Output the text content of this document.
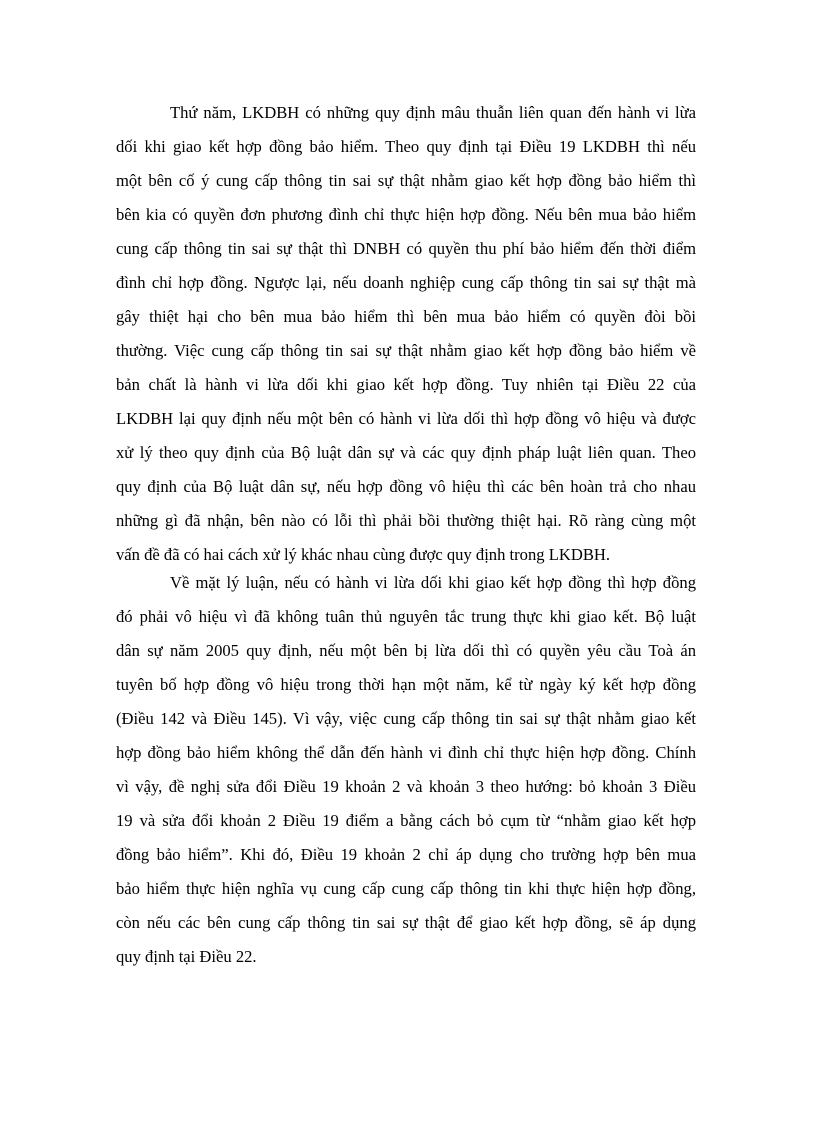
Thứ năm, LKDBH có những quy định mâu thuẫn liên quan đến hành vi lừa
dối khi giao kết hợp đồng bảo hiểm. Theo quy định tại Điều 19 LKDBH thì nếu
một bên cố ý cung cấp thông tin sai sự thật nhằm giao kết hợp đồng bảo hiểm thì
bên kia có quyền đơn phương đình chỉ thực hiện hợp đồng. Nếu bên mua bảo hiểm
cung cấp thông tin sai sự thật thì DNBH có quyền thu phí bảo hiểm đến thời điểm
đình chỉ hợp đồng. Ngược lại, nếu doanh nghiệp cung cấp thông tin sai sự thật mà
gây thiệt hại cho bên mua bảo hiểm thì bên mua bảo hiểm có quyền đòi bồi
thường. Việc cung cấp thông tin sai sự thật nhằm giao kết hợp đồng bảo hiểm về
bản chất là hành vi lừa dối khi giao kết hợp đồng. Tuy nhiên tại Điều 22 của
LKDBH lại quy định nếu một bên có hành vi lừa dối thì hợp đồng vô hiệu và được
xử lý theo quy định của Bộ luật dân sự và các quy định pháp luật liên quan. Theo
quy định của Bộ luật dân sự, nếu hợp đồng vô hiệu thì các bên hoàn trả cho nhau
những gì đã nhận, bên nào có lỗi thì phải bồi thường thiệt hại. Rõ ràng cùng một
vấn đề đã có hai cách xử lý khác nhau cùng được quy định trong LKDBH.
Về mặt lý luận, nếu có hành vi lừa dối khi giao kết hợp đồng thì hợp đồng
đó phải vô hiệu vì đã không tuân thủ nguyên tắc trung thực khi giao kết. Bộ luật
dân sự năm 2005 quy định, nếu một bên bị lừa dối thì có quyền yêu cầu Toà án
tuyên bố hợp đồng vô hiệu trong thời hạn một năm, kể từ ngày ký kết hợp đồng
(Điều 142 và Điều 145). Vì vậy, việc cung cấp thông tin sai sự thật nhằm giao kết
hợp đồng bảo hiểm không thể dẫn đến hành vi đình chỉ thực hiện hợp đồng. Chính
vì vậy, đề nghị sửa đổi Điều 19 khoản 2 và khoản 3 theo hướng: bỏ khoản 3 Điều
19 và sửa đổi khoản 2 Điều 19 điểm a bằng cách bỏ cụm từ “nhằm giao kết hợp
đồng bảo hiểm”. Khi đó, Điều 19 khoản 2 chỉ áp dụng cho trường hợp bên mua
bảo hiểm thực hiện nghĩa vụ cung cấp cung cấp thông tin khi thực hiện hợp đồng,
còn nếu các bên cung cấp thông tin sai sự thật để giao kết hợp đồng, sẽ áp dụng
quy định tại Điều 22.
